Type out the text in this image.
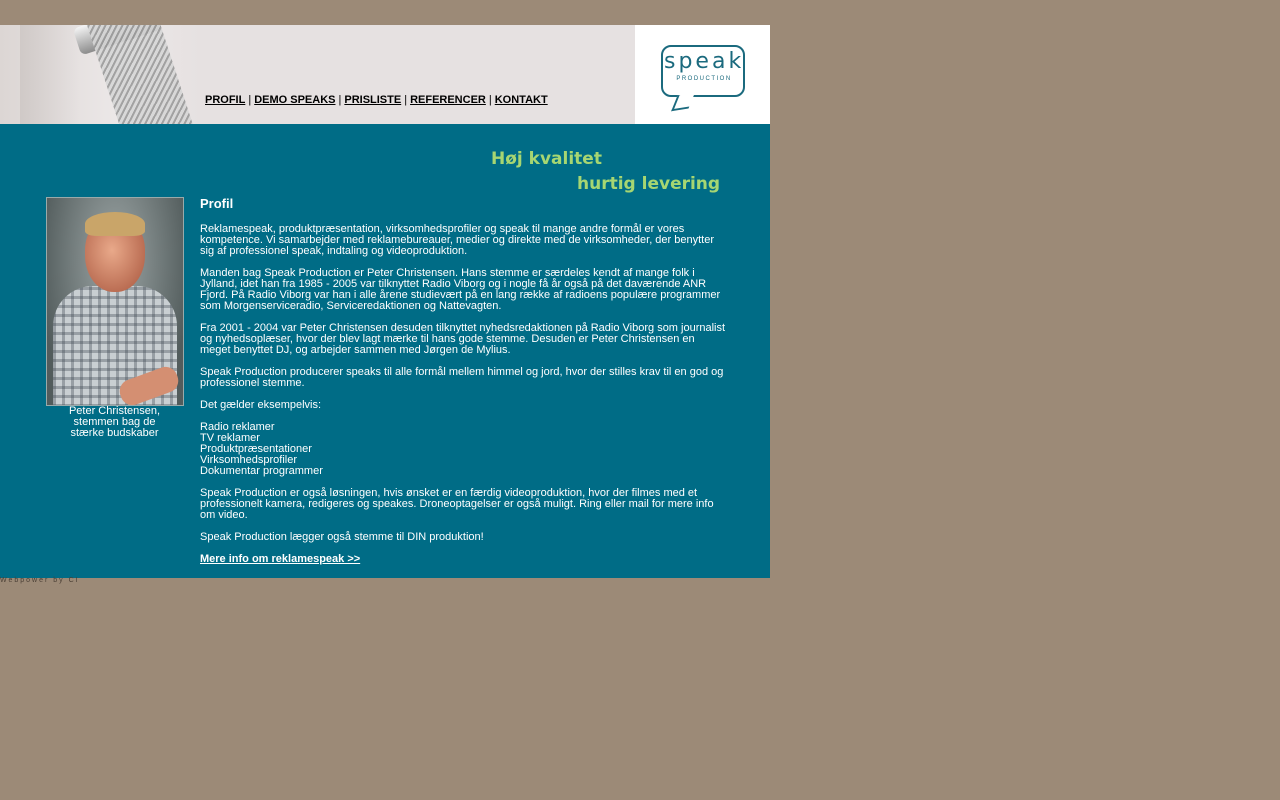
PROFIL | DEMO SPEAKS | PRISLISTE | REFERENCER | KONTAKT
speak
PRODUCTION
Høj kvalitet
hurtig levering
Peter Christensen,
stemmen bag de
stærke budskaber
Profil

Reklamespeak, produktpræsentation, virksomhedsprofiler og speak til mange andre formål er vores kompetence. Vi samarbejder med reklamebureauer, medier og direkte med de virksomheder, der benytter sig af professionel speak, indtaling og videoproduktion.

Manden bag Speak Production er Peter Christensen. Hans stemme er særdeles kendt af mange folk i Jylland, idet han fra 1985 - 2005 var tilknyttet Radio Viborg og i nogle få år også på det daværende ANR Fjord. På Radio Viborg var han i alle årene studievært på en lang række af radioens populære programmer som Morgenserviceradio, Serviceredaktionen og Nattevagten.

Fra 2001 - 2004 var Peter Christensen desuden tilknyttet nyhedsredaktionen på Radio Viborg som journalist og nyhedsoplæser, hvor der blev lagt mærke til hans gode stemme. Desuden er Peter Christensen en meget benyttet DJ, og arbejder sammen med Jørgen de Mylius.

Speak Production producerer speaks til alle formål mellem himmel og jord, hvor der stilles krav til en god og professionel stemme.

Det gælder eksempelvis:

Radio reklamer
TV reklamer
Produktpræsentationer
Virksomhedsprofiler
Dokumentar programmer

Speak Production er også løsningen, hvis ønsket er en færdig videoproduktion, hvor der filmes med et professionelt kamera, redigeres og speakes. Droneoptagelser er også muligt. Ring eller mail for mere info om video.

Speak Production lægger også stemme til DIN produktion!

Mere info om reklamespeak >>
Webpower by CI
